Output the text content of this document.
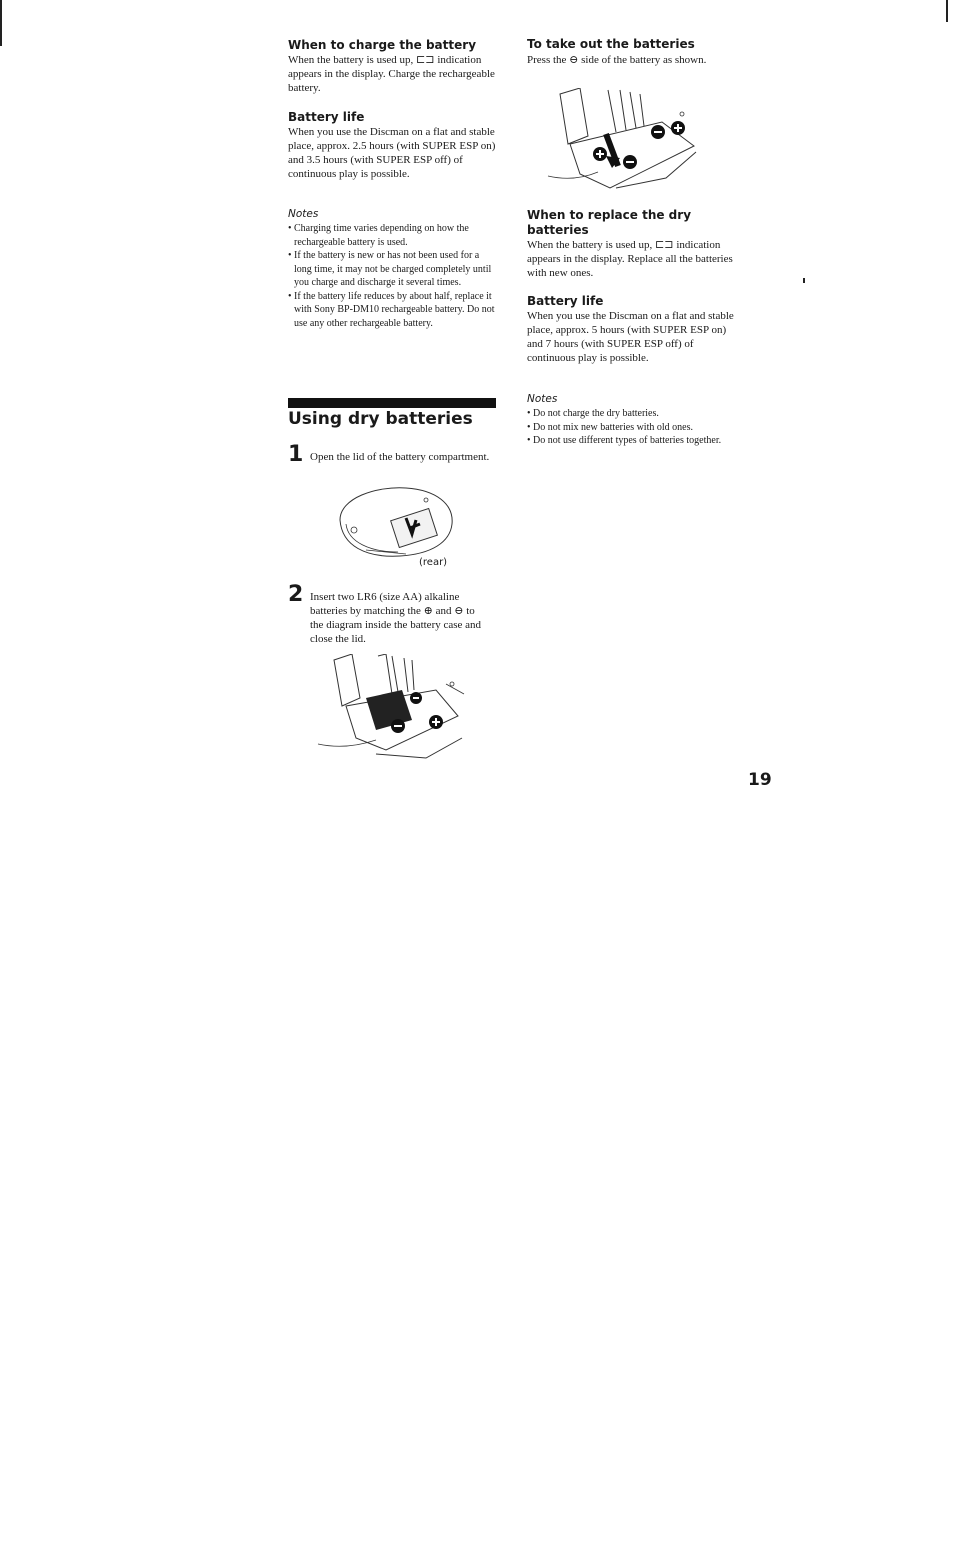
When to charge the battery

When the battery is used up, ⊏⊐ indication appears in the display. Charge the rechargeable battery.

Battery life

When you use the Discman on a flat and stable place, approx. 2.5 hours (with SUPER ESP on) and 3.5 hours (with SUPER ESP off) of continuous play is possible.

Notes

• Charging time varies depending on how the rechargeable battery is used.
• If the battery is new or has not been used for a long time, it may not be charged completely until you charge and discharge it several times.
• If the battery life reduces by about half, replace it with Sony BP-DM10 rechargeable battery. Do not use any other rechargeable battery.
Using dry batteries
1 Open the lid of the battery compartment.

(rear)

2 Insert two LR6 (size AA) alkaline batteries by matching the ⊕ and ⊖ to the diagram inside the battery case and close the lid.

To take out the batteries

Press the ⊖ side of the battery as shown.

When to replace the dry batteries

When the battery is used up, ⊏⊐ indication appears in the display. Replace all the batteries with new ones.

Battery life

When you use the Discman on a flat and stable place, approx. 5 hours (with SUPER ESP on) and 7 hours (with SUPER ESP off) of continuous play is possible.

Notes

• Do not charge the dry batteries.
• Do not mix new batteries with old ones.
• Do not use different types of batteries together.

19
